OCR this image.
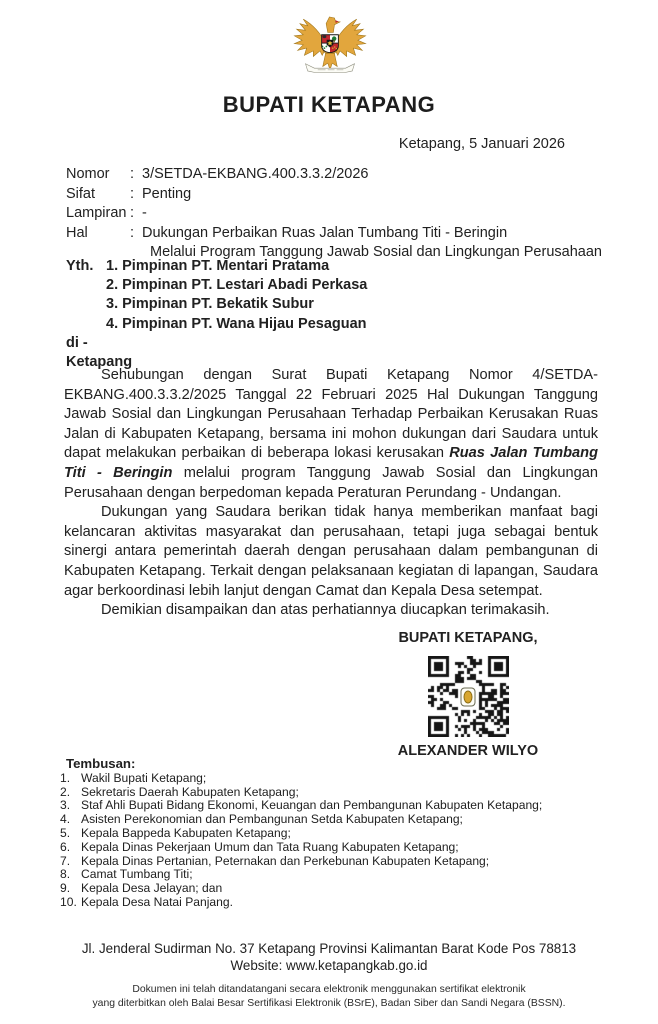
BUPATI KETAPANG
Ketapang, 5 Januari 2026
Nomor	: 3/SETDA-EKBANG.400.3.3.2/2026
Sifat	: Penting
Lampiran : -
Hal	: Dukungan Perbaikan Ruas Jalan Tumbang Titi - Beringin
Melalui Program Tanggung Jawab Sosial dan Lingkungan Perusahaan
Yth. 1. Pimpinan PT. Mentari Pratama
2. Pimpinan PT. Lestari Abadi Perkasa
3. Pimpinan PT. Bekatik Subur
4. Pimpinan PT. Wana Hijau Pesaguan
di -
Ketapang

Sehubungan dengan Surat Bupati Ketapang Nomor 4/SETDA-EKBANG.400.3.3.2/2025 Tanggal 22 Februari 2025 Hal Dukungan Tanggung Jawab Sosial dan Lingkungan Perusahaan Terhadap Perbaikan Kerusakan Ruas Jalan di Kabupaten Ketapang, bersama ini mohon dukungan dari Saudara untuk dapat melakukan perbaikan di beberapa lokasi kerusakan Ruas Jalan Tumbang Titi - Beringin melalui program Tanggung Jawab Sosial dan Lingkungan Perusahaan dengan berpedoman kepada Peraturan Perundang - Undangan.

Dukungan yang Saudara berikan tidak hanya memberikan manfaat bagi kelancaran aktivitas masyarakat dan perusahaan, tetapi juga sebagai bentuk sinergi antara pemerintah daerah dengan perusahaan dalam pembangunan di Kabupaten Ketapang. Terkait dengan pelaksanaan kegiatan di lapangan, Saudara agar berkoordinasi lebih lanjut dengan Camat dan Kepala Desa setempat.

Demikian disampaikan dan atas perhatiannya diucapkan terimakasih.

BUPATI KETAPANG,
ALEXANDER WILYO
Tembusan:
1. Wakil Bupati Ketapang;
2. Sekretaris Daerah Kabupaten Ketapang;
3. Staf Ahli Bupati Bidang Ekonomi, Keuangan dan Pembangunan Kabupaten Ketapang;
4. Asisten Perekonomian dan Pembangunan Setda Kabupaten Ketapang;
5. Kepala Bappeda Kabupaten Ketapang;
6. Kepala Dinas Pekerjaan Umum dan Tata Ruang Kabupaten Ketapang;
7. Kepala Dinas Pertanian, Peternakan dan Perkebunan Kabupaten Ketapang;
8. Camat Tumbang Titi;
9. Kepala Desa Jelayan; dan
10. Kepala Desa Natai Panjang.
Jl. Jenderal Sudirman No. 37 Ketapang Provinsi Kalimantan Barat Kode Pos 78813
Website: www.ketapangkab.go.id
Dokumen ini telah ditandatangani secara elektronik menggunakan sertifikat elektronik
yang diterbitkan oleh Balai Besar Sertifikasi Elektronik (BSrE), Badan Siber dan Sandi Negara (BSSN).
